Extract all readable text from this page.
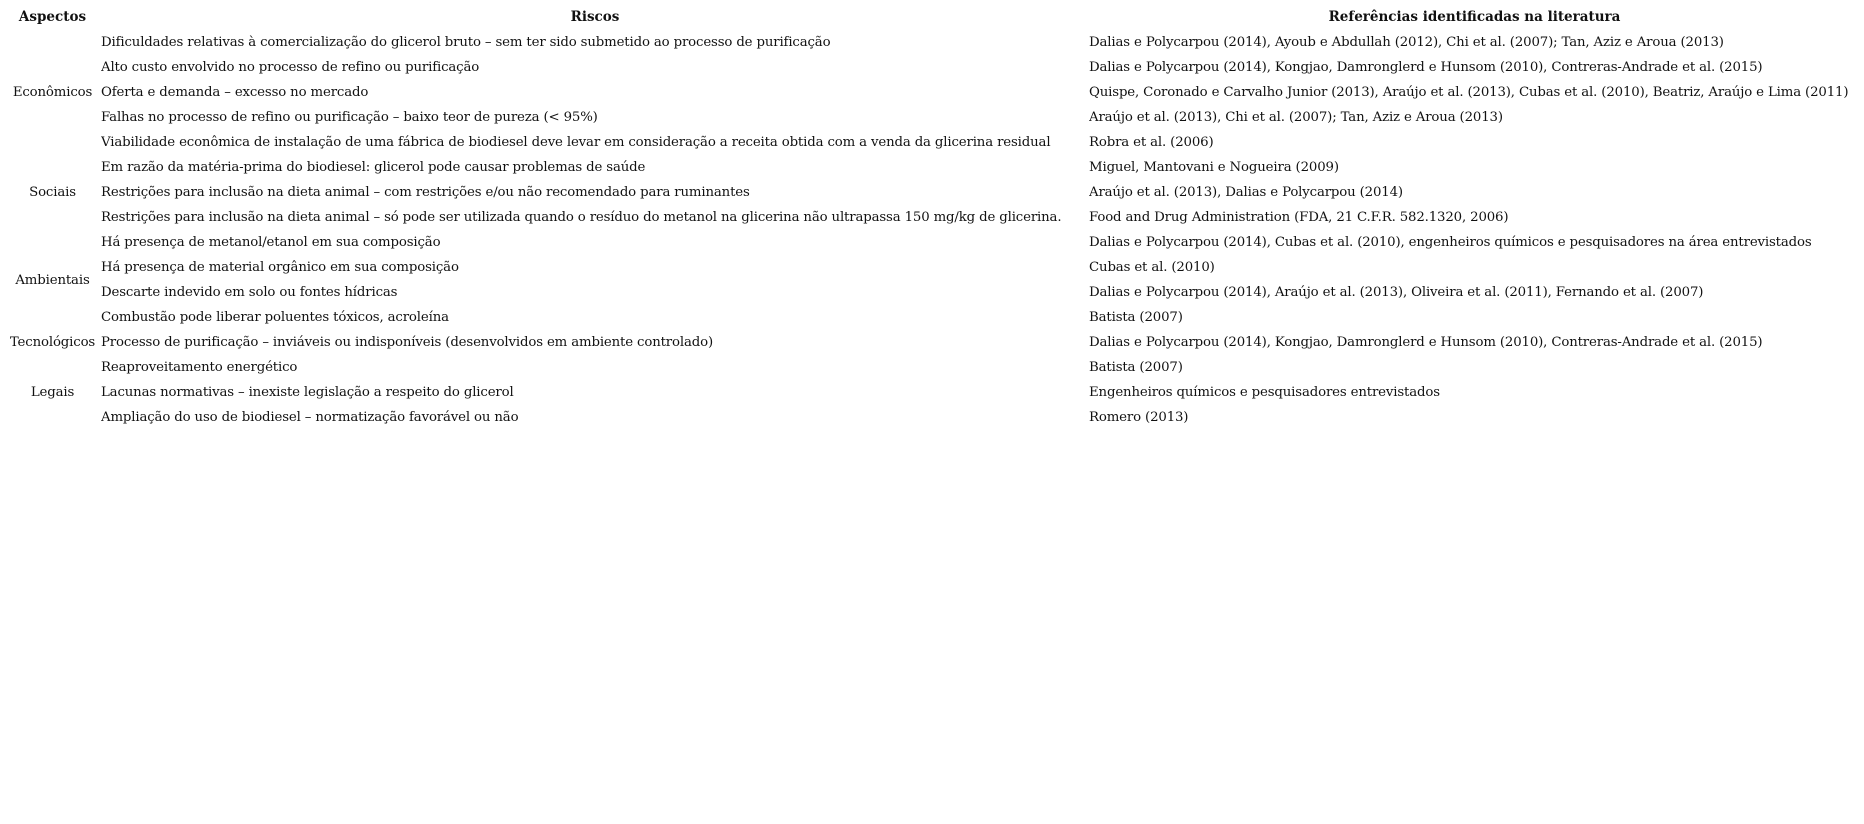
Aspectos	Riscos	Referências identificadas na literatura
Econômicos	Dificuldades relativas à comercialização do glicerol bruto – sem ter sido submetido ao processo de purificação	Dalias e Polycarpou (2014), Ayoub e Abdullah (2012), Chi et al. (2007); Tan, Aziz e Aroua (2013)
	Alto custo envolvido no processo de refino ou purificação	Dalias e Polycarpou (2014), Kongjao, Damronglerd e Hunsom (2010), Contreras-Andrade et al. (2015)
	Oferta e demanda – excesso no mercado	Quispe, Coronado e Carvalho Junior (2013), Araújo et al. (2013), Cubas et al. (2010), Beatriz, Araújo e Lima (2011)
	Falhas no processo de refino ou purificação – baixo teor de pureza (< 95%)	Araújo et al. (2013), Chi et al. (2007); Tan, Aziz e Aroua (2013)
	Viabilidade econômica de instalação de uma fábrica de biodiesel deve levar em consideração a receita obtida com a venda da glicerina residual	Robra et al. (2006)
Sociais	Em razão da matéria-prima do biodiesel: glicerol pode causar problemas de saúde	Miguel, Mantovani e Nogueira (2009)
	Restrições para inclusão na dieta animal – com restrições e/ou não recomendado para ruminantes	Araújo et al. (2013), Dalias e Polycarpou (2014)
	Restrições para inclusão na dieta animal – só pode ser utilizada quando o resíduo do metanol na glicerina não ultrapassa 150 mg/kg de glicerina.	Food and Drug Administration (FDA, 21 C.F.R. 582.1320, 2006)
Ambientais	Há presença de metanol/etanol em sua composição	Dalias e Polycarpou (2014), Cubas et al. (2010), engenheiros químicos e pesquisadores na área entrevistados
	Há presença de material orgânico em sua composição	Cubas et al. (2010)
	Descarte indevido em solo ou fontes hídricas	Dalias e Polycarpou (2014), Araújo et al. (2013), Oliveira et al. (2011), Fernando et al. (2007)
	Combustão pode liberar poluentes tóxicos, acroleína	Batista (2007)
Tecnológicos	Processo de purificação – inviáveis ou indisponíveis (desenvolvidos em ambiente controlado)	Dalias e Polycarpou (2014), Kongjao, Damronglerd e Hunsom (2010), Contreras-Andrade et al. (2015)
Legais	Reaproveitamento energético	Batista (2007)
	Lacunas normativas – inexiste legislação a respeito do glicerol	Engenheiros químicos e pesquisadores entrevistados
	Ampliação do uso de biodiesel – normatização favorável ou não	Romero (2013)
